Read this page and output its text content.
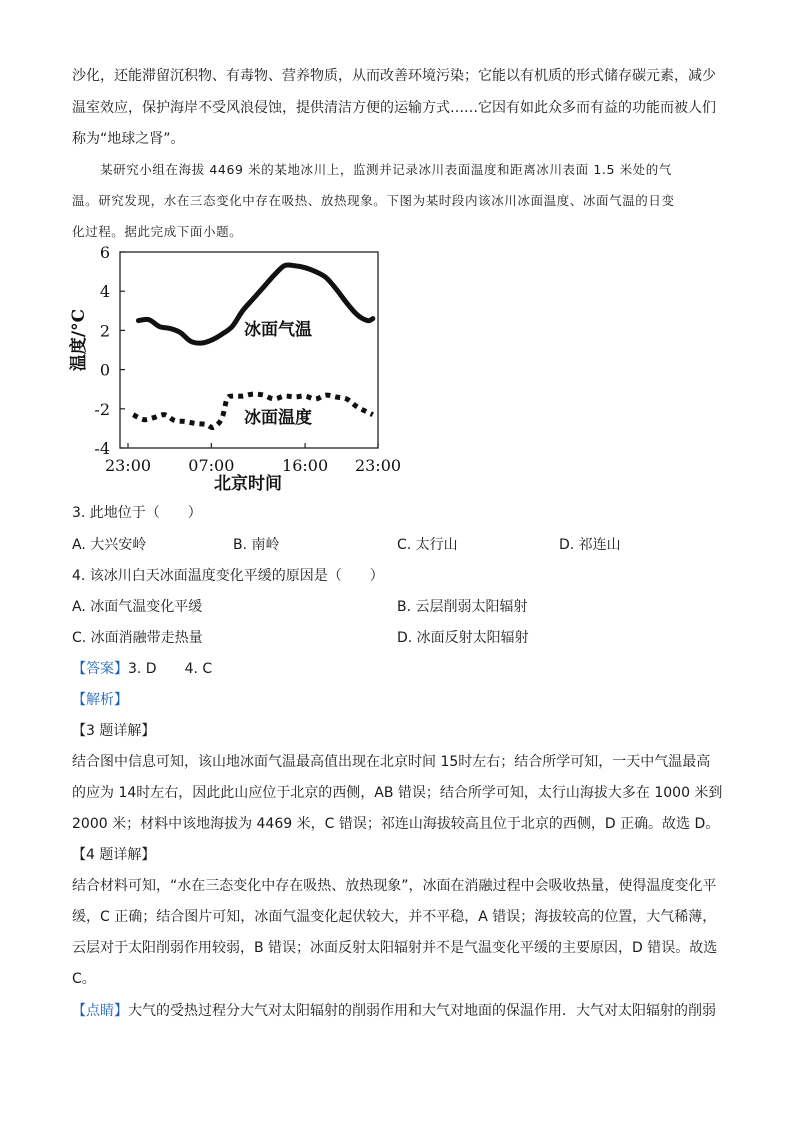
沙化，还能滞留沉积物、有毒物、营养物质，从而改善环境污染；它能以有机质的形式储存碳元素，减少
温室效应，保护海岸不受风浪侵蚀，提供清洁方便的运输方式……它因有如此众多而有益的功能而被人们
称为“地球之肾”。
某研究小组在海拔 4469 米的某地冰川上，监测并记录冰川表面温度和距离冰川表面 1.5 米处的气
温。研究发现，水在三态变化中存在吸热、放热现象。下图为某时段内该冰川冰面温度、冰面气温的日变
化过程。据此完成下面小题。
6
4
2
0
-2
-4
23:00 07:00	16:00 23:00
温度/°C
北京时间
冰面气温
冰面温度
3. 此地位于（　　）
A. 大兴安岭	B. 南岭	C. 太行山	D. 祁连山
4. 该冰川白天冰面温度变化平缓的原因是（　　）
A. 冰面气温变化平缓	B. 云层削弱太阳辐射
C. 冰面消融带走热量	D. 冰面反射太阳辐射
【答案】3. D　　4. C
【解析】
【3 题详解】
结合图中信息可知，该山地冰面气温最高值出现在北京时间 15时左右；结合所学可知，一天中气温最高
的应为 14时左右，因此此山应位于北京的西侧，AB 错误；结合所学可知，太行山海拔大多在 1000 米到
2000 米；材料中该地海拔为 4469 米，C 错误；祁连山海拔较高且位于北京的西侧，D 正确。故选 D。
【4 题详解】
结合材料可知，“水在三态变化中存在吸热、放热现象”，冰面在消融过程中会吸收热量，使得温度变化平
缓，C 正确；结合图片可知，冰面气温变化起伏较大，并不平稳，A 错误；海拔较高的位置，大气稀薄，
云层对于太阳削弱作用较弱，B 错误；冰面反射太阳辐射并不是气温变化平缓的主要原因，D 错误。故选
C。
【点睛】大气的受热过程分大气对太阳辐射的削弱作用和大气对地面的保温作用．大气对太阳辐射的削弱
